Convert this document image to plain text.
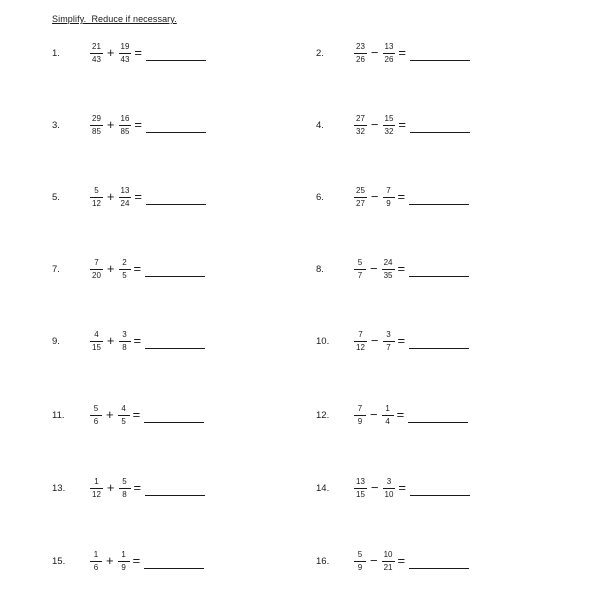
Simplify.  Reduce if necessary.
1.	$\frac{21}{43} + \frac{19}{43}$ =	2.	$\frac{23}{26} - \frac{13}{26}$ =
3.	$\frac{29}{85} + \frac{16}{85}$ =	4.	$\frac{27}{32} - \frac{15}{32}$ =
5.	$\frac{5}{12} + \frac{13}{24}$ =	6.	$\frac{25}{27} - \frac{7}{9}$ =
7.	$\frac{7}{20} + \frac{2}{5}$ =	8.	$\frac{5}{7} - \frac{24}{35}$ =
9.	$\frac{4}{15} + \frac{3}{8}$ =	10.	$\frac{7}{12} - \frac{3}{7}$ =
11.	$\frac{5}{6} + \frac{4}{5}$ =	12.	$\frac{7}{9} - \frac{1}{4}$ =
13.	$\frac{1}{12} + \frac{5}{8}$ =	14.	$\frac{13}{15} - \frac{3}{10}$ =
15.	$\frac{1}{6} + \frac{1}{9}$ =	16.	$\frac{5}{9} - \frac{10}{21}$ =
